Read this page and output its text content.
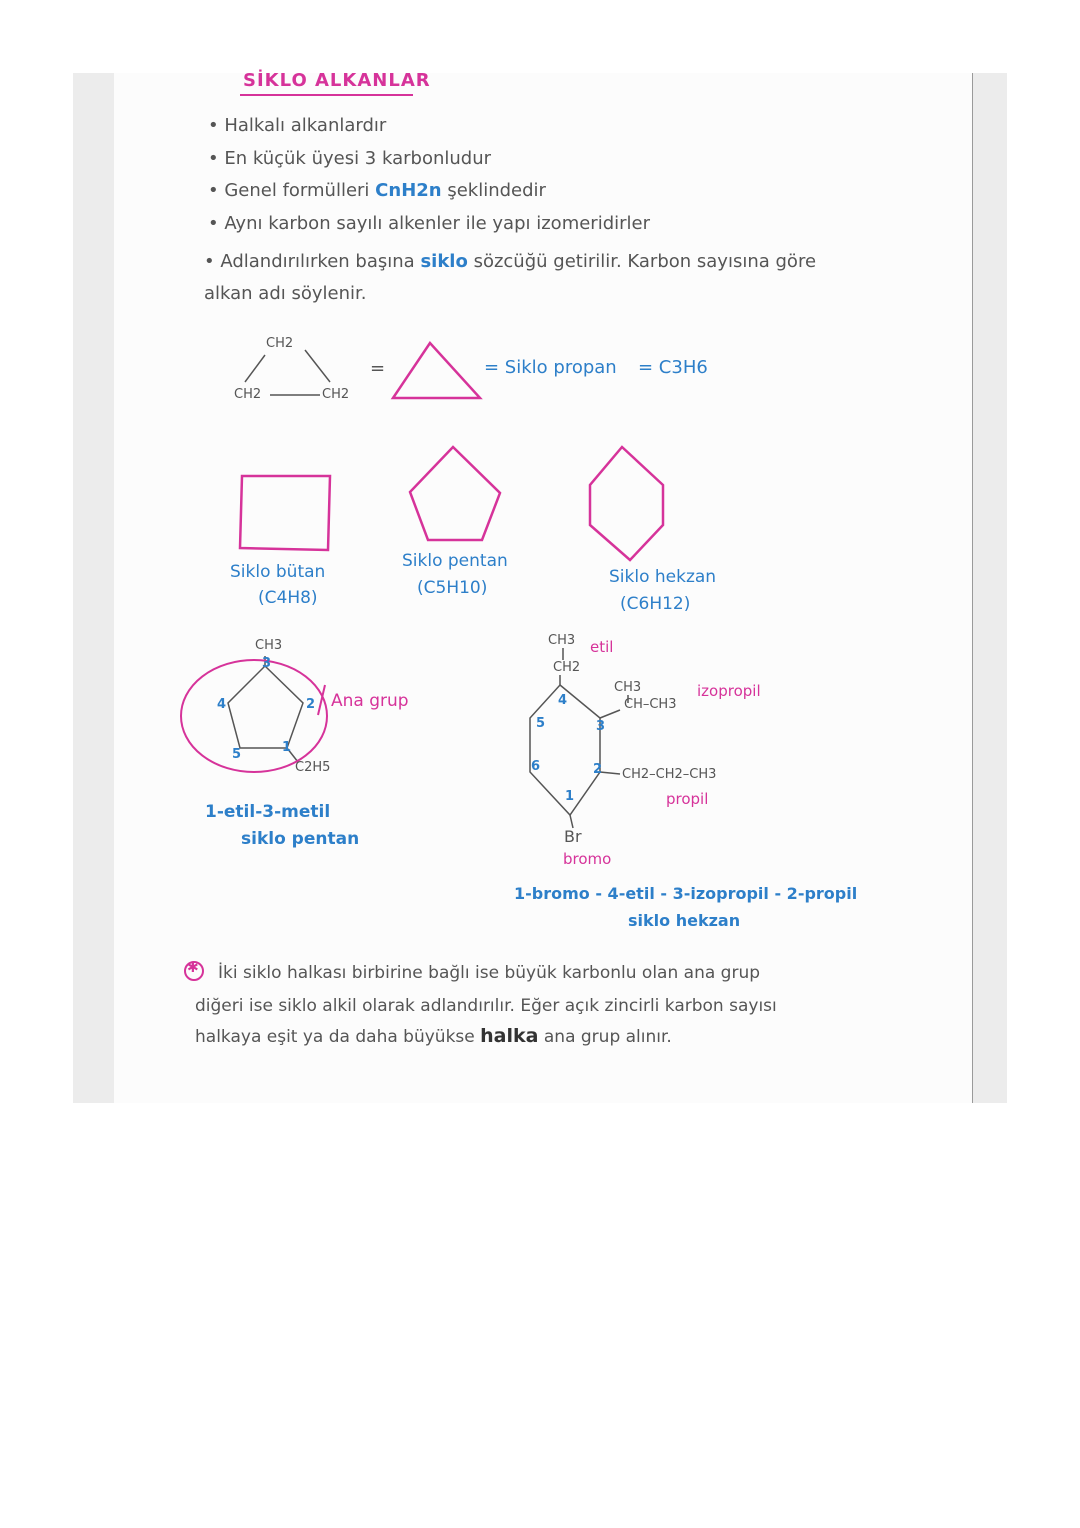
SİKLO ALKANLAR
• Halkalı alkanlardır
• En küçük üyesi 3 karbonludur
• Genel formülleri CnH2n şeklindedir
• Aynı karbon sayılı alkenler ile yapı izomeridirler
• Adlandırılırken başına siklo sözcüğü getirilir. Karbon sayısına göre
alkan adı söylenir.
CH2
CH2	CH2
=	= Siklo propan = C3H6
Siklo bütan
(C4H8)
Siklo pentan
(C5H10)
Siklo hekzan
(C6H12)
CH3
C2H5
Ana grup
1
2
3
4
5
1-etil-3-metil
siklo pentan
CH3 etil
CH2
CH3
CH–CH3
izopropil
CH2–CH2–CH3
propil
Br
bromo
1
2
3
4
5
6
1-bromo - 4-etil - 3-izopropil - 2-propil
siklo hekzan
✱ İki siklo halkası birbirine bağlı ise büyük karbonlu olan ana grup
diğeri ise siklo alkil olarak adlandırılır. Eğer açık zincirli karbon sayısı
halkaya eşit ya da daha büyükse halka ana grup alınır.
